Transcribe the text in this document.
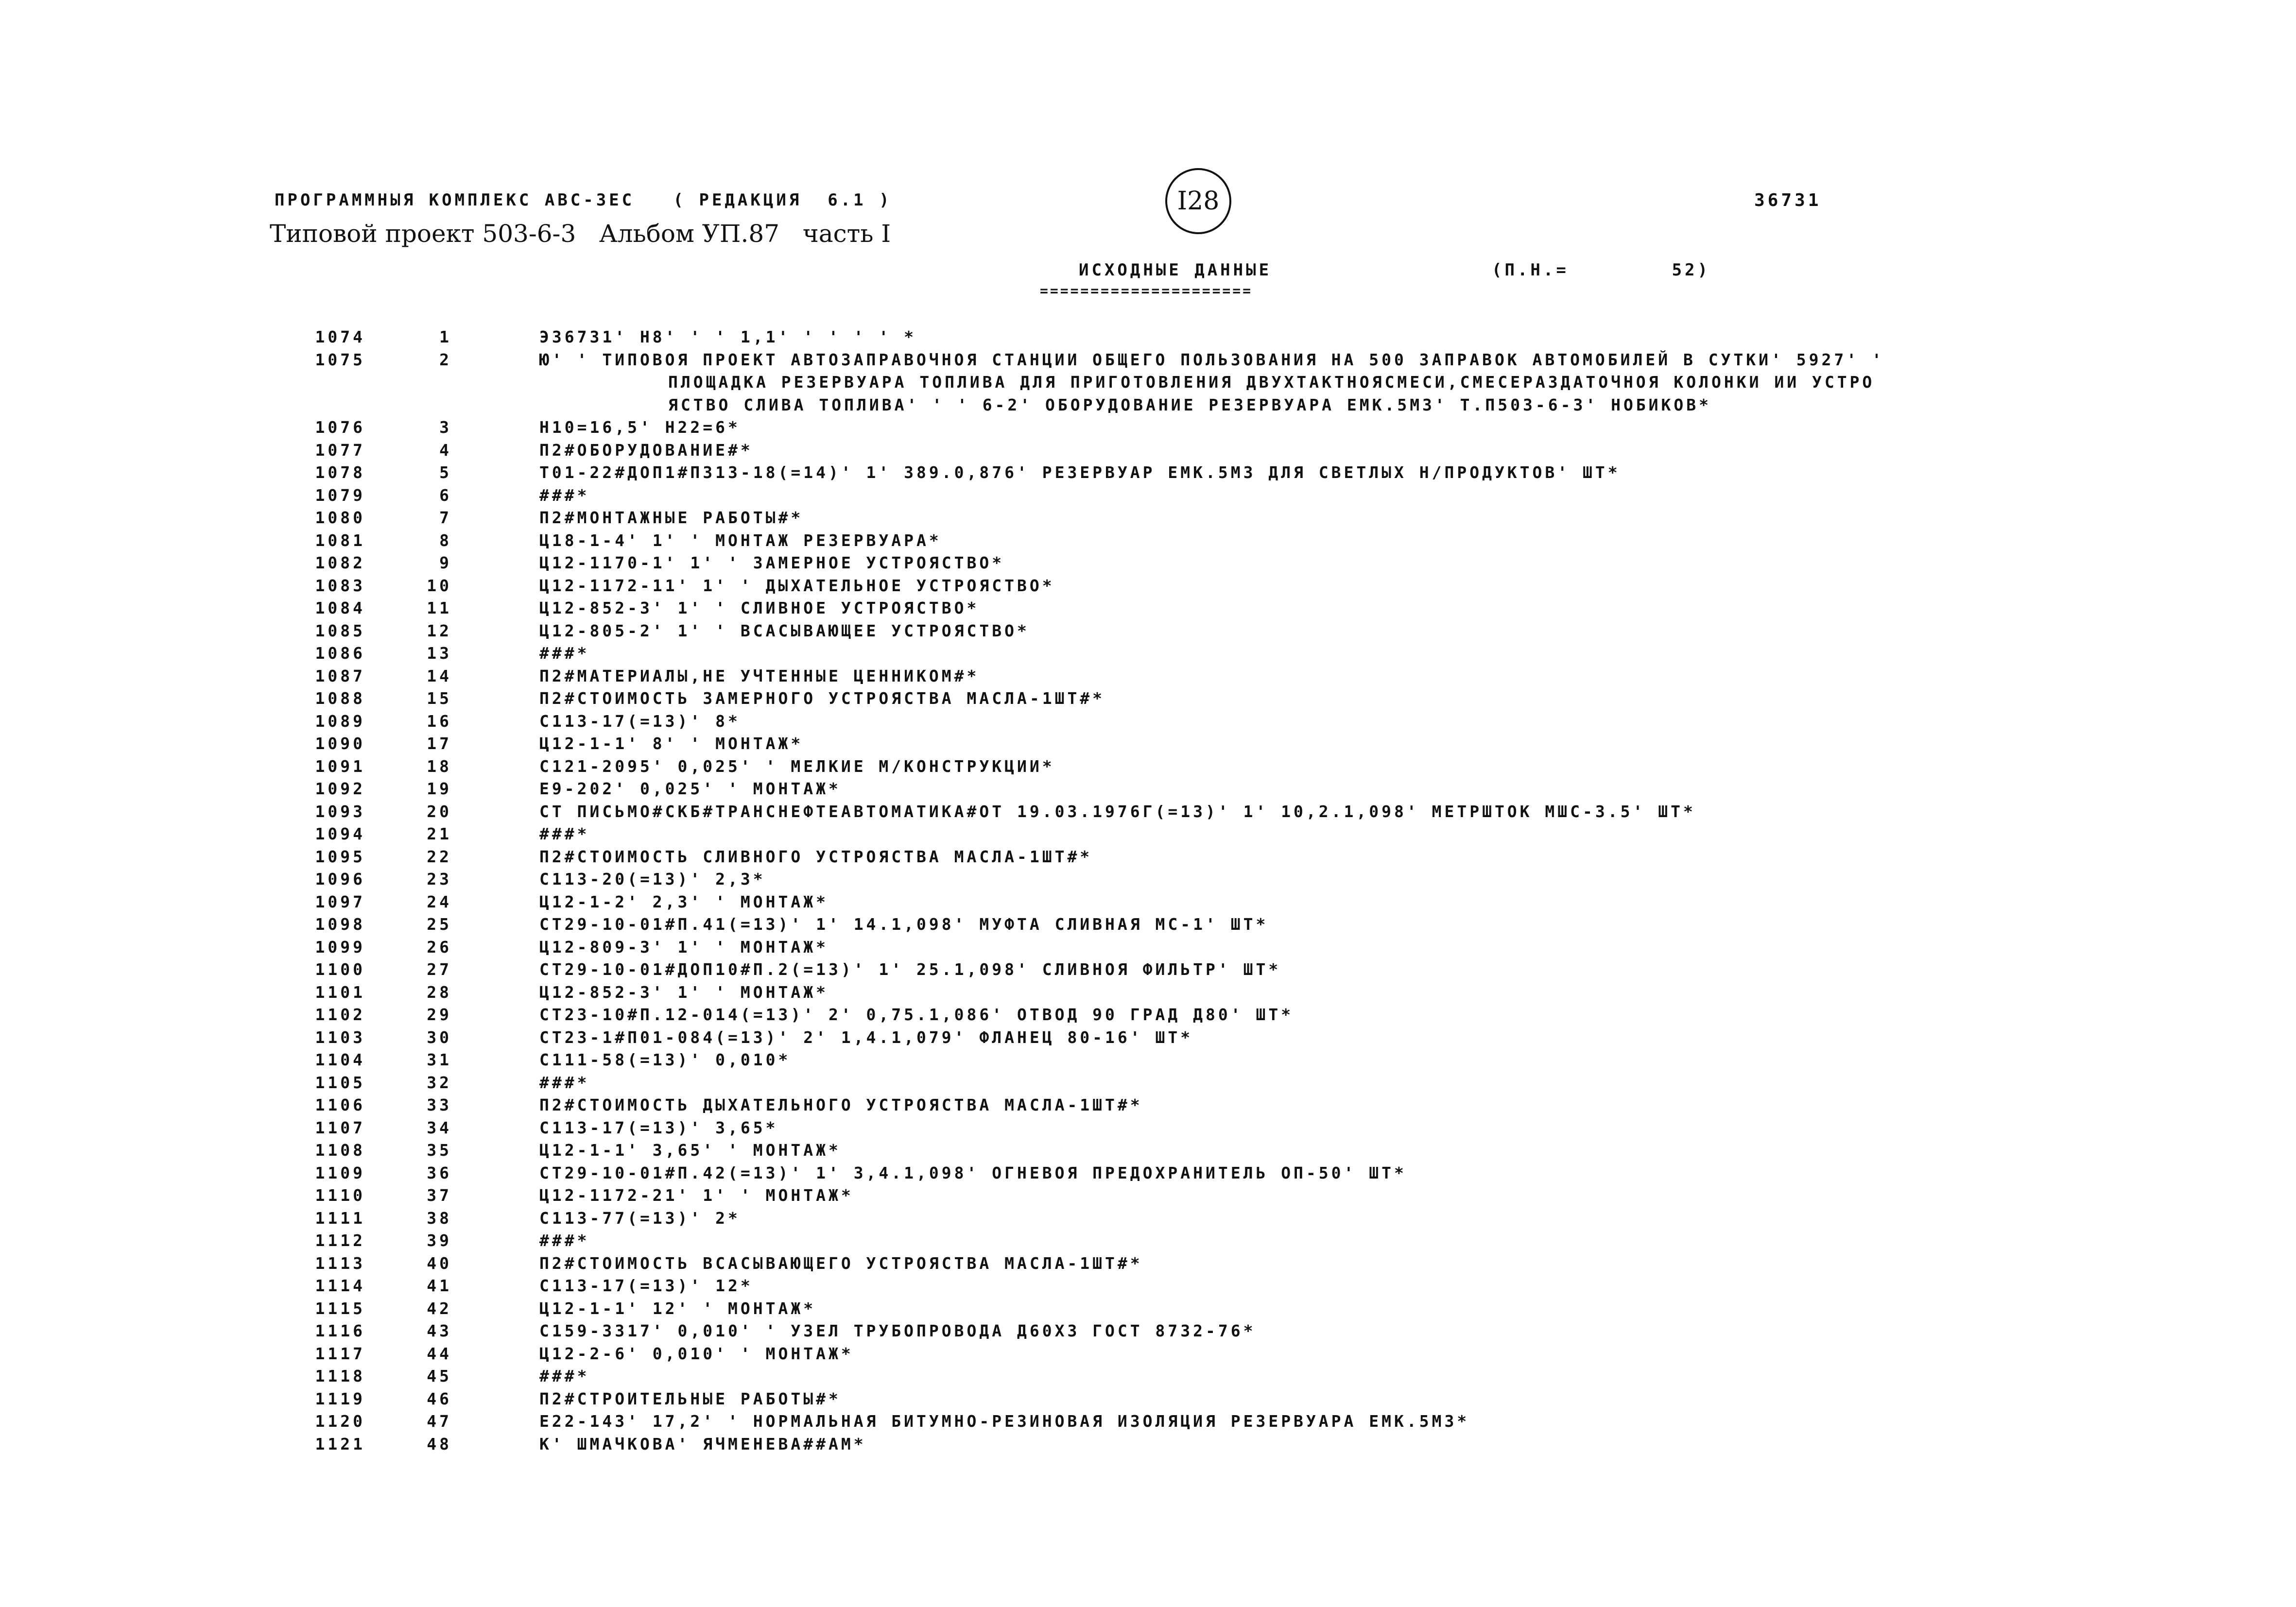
ПРОГРАММНЫЯ КОМПЛЕКС АВС-ЗЕС   ( РЕДАКЦИЯ  6.1 )
Типовой проект 503-6-3   Альбом УП.87   часть I
I28	36731
ИСХОДНЫЕ ДАННЫЕ
=====================
(П.Н.=        52)
1074	1	Э36731' Н8' ' ' 1,1' ' ' ' ' *
1075	2	Ю' ' ТИПОВОЯ ПРОЕКТ АВТОЗАПРАВОЧНОЯ СТАНЦИИ ОБЩЕГО ПОЛЬЗОВАНИЯ НА 500 ЗАПРАВОК АВТОМОБИЛЕЙ В СУТКИ' 5927' '
ПЛОЩАДКА РЕЗЕРВУАРА ТОПЛИВА ДЛЯ ПРИГОТОВЛЕНИЯ ДВУХТАКТНОЯСМЕСИ,СМЕСЕРАЗДАТОЧНОЯ КОЛОНКИ ИИ УСТРО
ЯСТВО СЛИВА ТОПЛИВА' ' ' 6-2' ОБОРУДОВАНИЕ РЕЗЕРВУАРА ЕМК.5М3' Т.П503-6-3' НОБИКОВ*
1076	3	Н10=16,5' Н22=6*
1077	4	П2#ОБОРУДОВАНИЕ#*
1078	5	Т01-22#ДОП1#П313-18(=14)' 1' 389.0,876' РЕЗЕРВУАР ЕМК.5М3 ДЛЯ СВЕТЛЫХ Н/ПРОДУКТОВ' ШТ*
1079	6	###*
1080	7	П2#МОНТАЖНЫЕ РАБОТЫ#*
1081	8	Ц18-1-4' 1' ' МОНТАЖ РЕЗЕРВУАРА*
1082	9	Ц12-1170-1' 1' ' ЗАМЕРНОЕ УСТРОЯСТВО*
1083	10	Ц12-1172-11' 1' ' ДЫХАТЕЛЬНОЕ УСТРОЯСТВО*
1084	11	Ц12-852-3' 1' ' СЛИВНОЕ УСТРОЯСТВО*
1085	12	Ц12-805-2' 1' ' ВСАСЫВАЮЩЕЕ УСТРОЯСТВО*
1086	13	###*
1087	14	П2#МАТЕРИАЛЫ,НЕ УЧТЕННЫЕ ЦЕННИКОМ#*
1088	15	П2#СТОИМОСТЬ ЗАМЕРНОГО УСТРОЯСТВА МАСЛА-1ШТ#*
1089	16	С113-17(=13)' 8*
1090	17	Ц12-1-1' 8' ' МОНТАЖ*
1091	18	С121-2095' 0,025' ' МЕЛКИЕ М/КОНСТРУКЦИИ*
1092	19	Е9-202' 0,025' ' МОНТАЖ*
1093	20	СТ ПИСЬМО#СКБ#ТРАНСНЕФТЕАВТОМАТИКА#ОТ 19.03.1976Г(=13)' 1' 10,2.1,098' МЕТРШТОК МШС-3.5' ШТ*
1094	21	###*
1095	22	П2#СТОИМОСТЬ СЛИВНОГО УСТРОЯСТВА МАСЛА-1ШТ#*
1096	23	С113-20(=13)' 2,3*
1097	24	Ц12-1-2' 2,3' ' МОНТАЖ*
1098	25	СТ29-10-01#П.41(=13)' 1' 14.1,098' МУФТА СЛИВНАЯ МС-1' ШТ*
1099	26	Ц12-809-3' 1' ' МОНТАЖ*
1100	27	СТ29-10-01#ДОП10#П.2(=13)' 1' 25.1,098' СЛИВНОЯ ФИЛЬТР' ШТ*
1101	28	Ц12-852-3' 1' ' МОНТАЖ*
1102	29	СТ23-10#П.12-014(=13)' 2' 0,75.1,086' ОТВОД 90 ГРАД Д80' ШТ*
1103	30	СТ23-1#П01-084(=13)' 2' 1,4.1,079' ФЛАНЕЦ 80-16' ШТ*
1104	31	С111-58(=13)' 0,010*
1105	32	###*
1106	33	П2#СТОИМОСТЬ ДЫХАТЕЛЬНОГО УСТРОЯСТВА МАСЛА-1ШТ#*
1107	34	С113-17(=13)' 3,65*
1108	35	Ц12-1-1' 3,65' ' МОНТАЖ*
1109	36	СТ29-10-01#П.42(=13)' 1' 3,4.1,098' ОГНЕВОЯ ПРЕДОХРАНИТЕЛЬ ОП-50' ШТ*
1110	37	Ц12-1172-21' 1' ' МОНТАЖ*
1111	38	С113-77(=13)' 2*
1112	39	###*
1113	40	П2#СТОИМОСТЬ ВСАСЫВАЮЩЕГО УСТРОЯСТВА МАСЛА-1ШТ#*
1114	41	С113-17(=13)' 12*
1115	42	Ц12-1-1' 12' ' МОНТАЖ*
1116	43	С159-3317' 0,010' ' УЗЕЛ ТРУБОПРОВОДА Д60Х3 ГОСТ 8732-76*
1117	44	Ц12-2-6' 0,010' ' МОНТАЖ*
1118	45	###*
1119	46	П2#СТРОИТЕЛЬНЫЕ РАБОТЫ#*
1120	47	Е22-143' 17,2' ' НОРМАЛЬНАЯ БИТУМНО-РЕЗИНОВАЯ ИЗОЛЯЦИЯ РЕЗЕРВУАРА ЕМК.5М3*
1121	48	К' ШМАЧКОВА' ЯЧМЕНЕВА##АМ*
